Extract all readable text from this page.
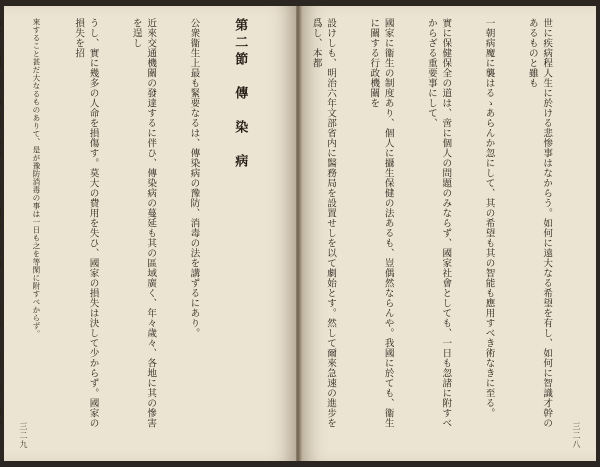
世に疾病程人生に於ける悲惨事はなからう。如何に遠大なる希望を有し、如何に智識才幹のあるものと雖も

一朝病魔に襲はるゝあらんか忽にして、其の希望も其の智能も應用すべき術なきに至る。

實に保健保全の道は、啻に個人の問題のみならず、國家社會としても、一日も忽諸に附すべからざる重要事にして、

國家に衞生の制度あり、個人に攝生保健の法あるも、豈偶然ならんや。我國に於ても、衞生に關する行政機關を

設けしも、明治六年文部省内に醫務局を設置せしを以て劇始とす。然して爾來急速の進步を爲し、本都

三二八

第二節　傳　染　病

公衆衞生上最も緊要なるは、傳染病の豫防、消毒の法を講ずるにあり。

近來交通機關の發達するに伴ひ、傳染病の蔓延も其の區域廣く、年々歲々、各地に其の慘害を逞し

うし、實に幾多の人命を損傷す。莫大の費用を失ひ、國家の損失は決して少からず。國家の損失を招

來すること甚だ大なるものありて、是が豫防消毒の事は一日も之を等閑に附すべからず。

三二九
